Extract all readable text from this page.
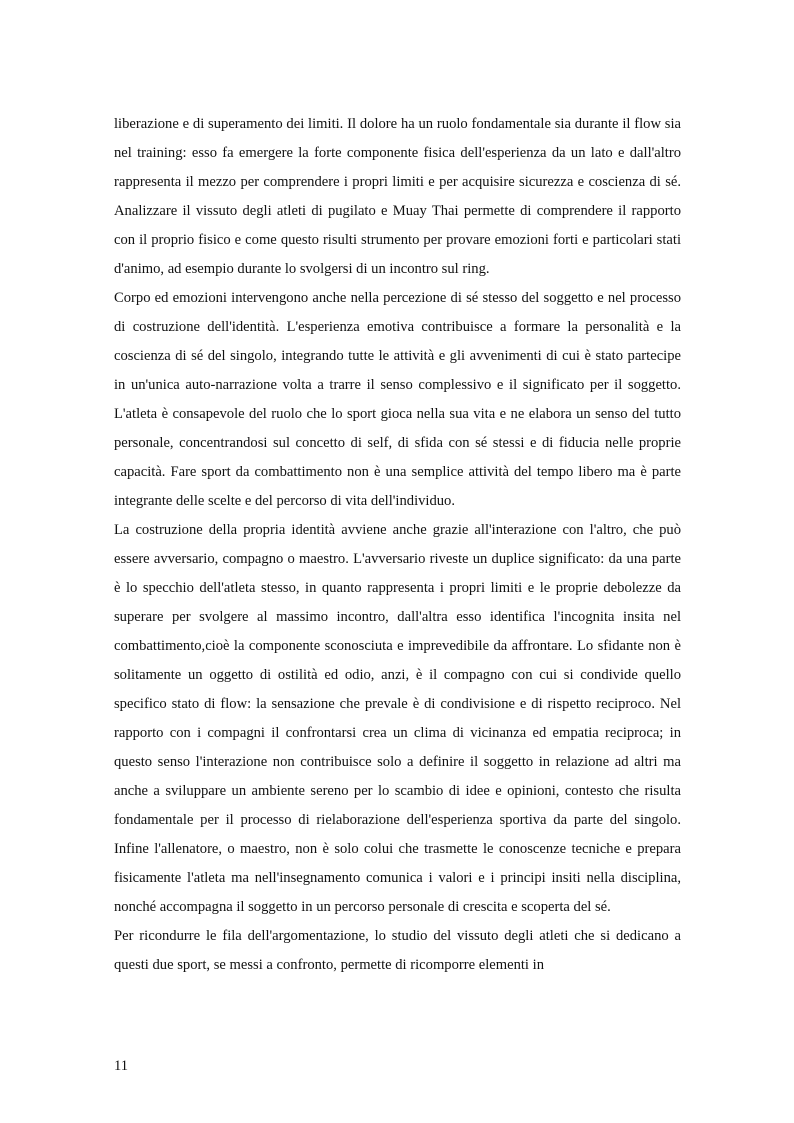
liberazione e di superamento dei limiti. Il dolore ha un ruolo fondamentale sia durante il flow sia nel training: esso fa emergere la forte componente fisica dell'esperienza da un lato e dall'altro rappresenta il mezzo per comprendere i propri limiti e per acquisire sicurezza e coscienza di sé. Analizzare il vissuto degli atleti di pugilato e Muay Thai permette di comprendere il rapporto con il proprio fisico e come questo risulti strumento per provare emozioni forti e particolari stati d'animo, ad esempio durante lo svolgersi di un incontro sul ring.

Corpo ed emozioni intervengono anche nella percezione di sé stesso del soggetto e nel processo di costruzione dell'identità. L'esperienza emotiva contribuisce a formare la personalità e la coscienza di sé del singolo, integrando tutte le attività e gli avvenimenti di cui è stato partecipe in un'unica auto-narrazione volta a trarre il senso complessivo e il significato per il soggetto. L'atleta è consapevole del ruolo che lo sport gioca nella sua vita e ne elabora un senso del tutto personale, concentrandosi sul concetto di self, di sfida con sé stessi e di fiducia nelle proprie capacità. Fare sport da combattimento non è una semplice attività del tempo libero ma è parte integrante delle scelte e del percorso di vita dell'individuo.

La costruzione della propria identità avviene anche grazie all'interazione con l'altro, che può essere avversario, compagno o maestro. L'avversario riveste un duplice significato: da una parte è lo specchio dell'atleta stesso, in quanto rappresenta i propri limiti e le proprie debolezze da superare per svolgere al massimo incontro, dall'altra esso identifica l'incognita insita nel combattimento,cioè la componente sconosciuta e imprevedibile da affrontare. Lo sfidante non è solitamente un oggetto di ostilità ed odio, anzi, è il compagno con cui si condivide quello specifico stato di flow: la sensazione che prevale è di condivisione e di rispetto reciproco. Nel rapporto con i compagni il confrontarsi crea un clima di vicinanza ed empatia reciproca; in questo senso l'interazione non contribuisce solo a definire il soggetto in relazione ad altri ma anche a sviluppare un ambiente sereno per lo scambio di idee e opinioni, contesto che risulta fondamentale per il processo di rielaborazione dell'esperienza sportiva da parte del singolo. Infine l'allenatore, o maestro, non è solo colui che trasmette le conoscenze tecniche e prepara fisicamente l'atleta ma nell'insegnamento comunica i valori e i principi insiti nella disciplina, nonché accompagna il soggetto in un percorso personale di crescita e scoperta del sé.

Per ricondurre le fila dell'argomentazione, lo studio del vissuto degli atleti che si dedicano a questi due sport, se messi a confronto, permette di ricomporre elementi in

11
